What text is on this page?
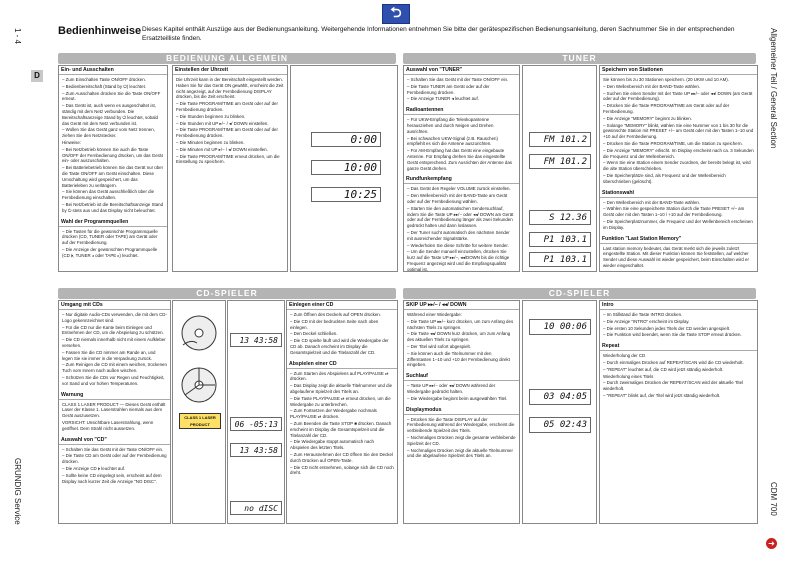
⮌
1 - 4
GRUNDIG Service
Allgemeiner Teil / General Section
CDM 700
Bedienhinweise Dieses Kapitel enthält Auszüge aus der Bedienungsanleitung. Weitergehende Informationen entnehmen Sie bitte der gerätespezifischen Bedienungsanleitung, deren Sachnummer Sie in der entsprechenden Ersatzteilliste finden.
D
BEDIENUNG ALLGEMEIN	TUNER
CD-SPIELER	CD-SPIELER
Ein- und Ausschalten

– Zum Einschalten Taste ON/OFF drücken.

– Bedienbereitschaft (Stand by ⏻) leuchtet.

– Zum Ausschalten drücken Sie die Taste ON/OFF erneut.

– Das Gerät ist, auch wenn es ausgeschaltet ist, ständig mit dem Netz verbunden. Die Bereitschaftsanzeige Stand by ⏻ leuchtet, sobald das Gerät mit dem Netz verbunden ist.

– Wollen Sie das Gerät ganz vom Netz trennen, ziehen Sie den Netzstecker.

Hinweise:

– Bei Netzbetrieb können Sie auch die Taste ON/OFF der Fernbedienung drücken, um das Gerät ein- oder auszuschalten.

– Bei Batteriebetrieb können Sie das Gerät nur über die Taste ON/OFF am Gerät einschalten. Diese Umschaltung wird gespeichert, um das Batterieleben zu verlängern.

– Sie können das Gerät ausschließlich über die Fernbedienung einschalten.

– Bei Netzbetrieb ist die Bereitschaftsanzeige Stand by ⏻ stets aus und das Display nicht beleuchtet.

Wahl der Programmquellen

– Die Tasten für die gewünschte Programmquelle drücken (CD, TUNER oder TAPE) am Gerät oder auf der Fernbedienung.

– Die Anzeige der gewünschten Programmquelle (CD ⏵, TUNER ◂ oder TAPE ▸) leuchtet.

Einstellen der Uhrzeit

Die Uhrzeit kann in der Bereitschaft eingestellt werden. Haben Sie für das Gerät ON gewählt, erscheint die Zeit nicht angezeigt, auf der Fernbedienung DISPLAY drücken, bis die Zeit erscheint.

– Die Taste PROGRAM/TIME am Gerät oder auf der Fernbedienung drücken.

– Die Stunden beginnen zu blinken.

– Die Stunden mit UP ▸/− / ◂/ DOWN einstellen.

– Die Taste PROGRAM/TIME am Gerät oder auf der Fernbedienung drücken.

– Die Minuten beginnen zu blinken.

– Die Minuten mit UP ▸/− / ◂/ DOWN einstellen.

– Die Taste PROGRAM/TIME erneut drücken, um die Einstellung zu speichern.

0:00
10:00
10:25
Auswahl von "TUNER"

– Schalten Sie das Gerät mit der Taste ON/OFF ein.

– Die Taste TUNER am Gerät oder auf der Fernbedienung drücken.

– Die Anzeige TUNER ◂ leuchtet auf.

Radioantennen

– Für UKW-Empfang die Teleskopantenne herausziehen und durch Neigen und Drehen ausrichten.

– Bei schwachen UKW-Signal (z.B. Rauschen) empfiehlt es sich die Antenne auszurichten.

– Für AM-Empfang hat das Gerät eine eingebaute Antenne. Für Empfang drehen Sie das eingestellte Gerät entsprechend. Zum Ausrichten der Antenne das ganze Gerät drehen.

Rundfunkempfang

– Das Gerät den Regeler VOLUME zurück einstellen.

– Den Wellenbereich mit der BAND-Taste am Gerät oder auf der Fernbedienung wählen.

– Starten Sie den automatischen Sendersuchlauf, indem Sie die Taste UP ▸▸/− oder ◂◂/ DOWN am Gerät oder auf der Fernbedienung länger als zwei Sekunden gedrückt halten und dann loslassen.

– Der Tuner sucht automatisch den nächsten Sender mit ausreichender Signalstärke.

– Wiederholen Sie diese Schritte für weitere Sender.

– Um die Sender manuell einzustellen, drücken Sie kurz auf die Taste UP ▸▸/−, ◂◂/DOWN bis die richtige Frequenz angezeigt wird und die Empfangsqualität optimal ist.

FM 101.2
FM 101.2
S 12.36
P1 103.1
P1 103.1
Speichern von Stationen

Sie können bis zu 30 Stationen speichern. (20 UKW und 10 AM).

– Den Wellenbereich mit der BAND-Taste wählen.

– Suchen Sie einen Sender mit der Taste UP ▸▸/− oder ◂◂/ DOWN (am Gerät oder auf der Fernbedienung).

– Drücken Sie die Taste PROGRAM/TIME am Gerät oder auf der Fernbedienung.

– Die Anzeige "MEMORY" beginnt zu blinken.

– Solange "MEMORY" blinkt, wählen Sie eine Nummer von 1 bis 30 für die gewünschte Station mit PRESET +/– am Gerät oder mit den Tasten 1–10 und +10 auf der Fernbedienung.

– Drücken Sie die Taste PROGRAM/TIME, um die Station zu speichern.

– Die Anzeige "MEMORY" erlischt. Im Display erscheint nach ca. 3 Sekunden die Frequenz und der Wellenbereich.

– Wenn Sie eine Station einem Sender zuordnen, der bereits belegt ist, wird die alte Station überschrieben.

– Die Speicherplätze sind, als Frequenz und der Wellenbereich überschrieben (gelöscht).

Stationswahl

– Den Wellenbereich mit der BAND-Taste wählen.

– Wählen Sie eine gespeicherte Station durch die Taste PRESET +/– am Gerät oder mit den Tasten 1–10 / +10 auf der Fernbedienung.

– Die Speicherplatznummer, die Frequenz und der Wellenbereich erscheinen im Display.

Funktion "Last Station Memory"

Last station memory bedeutet, das Gerät merkt sich die jeweils zuletzt eingestellte Station. Mit dieser Funktion können Sie feststellen, auf welcher Sender und diese Auswahl ist wieder gespeichert, beim Einschalten wird er wieder eingeschaltet.

Umgang mit CDs

– Nur digitale Audio-CDs verwenden, die mit dem CD-Logo gekennzeichnet sind.

– Für die CD nur die Kante beim Einlegen und Entnehmen der CD, um die Abspielung zu schützen.

– Die CD niemals innerhalb nicht mit einem Aufkleber versehen.

– Fassen Sie die CD nimmer am Rande an, und legen Sie sie immer in die Verpackung zurück.

– Zum Reinigen die CD mit einem weichen, trockenen Tuch vom Innern nach außen wischen.

– Schützen Sie die CDs vor Regen und Feuchtigkeit, vor Sand und vor hohen Temperaturen.

Warnung

CLASS 1 LASER PRODUCT — Dieses Gerät enthält Laser der Klasse 1. Laserstrahlen niemals aus dem Gerät auszusetzen.

VORSICHT: Unsichtbare Laserstrahlung, wenn geöffnet. Dem Strahl nicht aussetzen.

Auswahl von "CD"

– Schalten Sie das Gerät mit der Taste ON/OFF ein.

– Die Taste CD am Gerät oder auf der Fernbedienung drücken.

– Die Anzeige CD ⏵ leuchtet auf.

– Sollte keine CD eingelegt sein, erscheint auf dem Display nach kurzer Zeit die Anzeige "NO DISC".

CLASS 1 LASER PRODUCT
13 43:58
06 -05:13
13 43:58
no dISC
Einlegen einer CD

– Zum Öffnen des Deckels auf OPEN drücken.

– Die CD mit der bedruckten Seite nach oben einlegen.

– Den Deckel schließen.

– Die CD spielte läuft und wird die Wiedergabe der CD ab. Danach erscheint im Display die Gesamtspielzeit und die Titelanzahl der CD.

Abspielen einer CD

– Zum Starten des Abspielens auf PLAY/PAUSE ⏯ drücken.

– Das Display zeigt die aktuelle Titelnummer und die abgelaufene Spielzeit des Titels an.

– Die Taste PLAY/PAUSE ⏯ erneut drücken, um die Wiedergabe zu unterbrechen.

– Zum Fortsetzen der Wiedergabe nochmals PLAY/PAUSE ⏯ drücken.

– Zum Beenden die Taste STOP ■ drücken. Danach erscheint im Display die Gesamtspielzeit und die Titelanzahl der CD.

– Die Wiedergabe stoppt automatisch nach Abspielen des letzten Titels.

– Zum Herausnehmen der CD öffnen Sie den Deckel durch Drücken auf OPEN-Taste.

– Die CD nicht entnehmen, solange sich die CD noch dreht.

SKIP UP ▸▸/− / ◂◂/ DOWN

Während einer Wiedergabe:

– Die Taste UP ▸▸/− kurz drücken, um zum Anfang des nächsten Titels zu springen.

– Die Taste ◂◂/ DOWN kurz drücken, um zum Anfang des aktuellen Titels zu springen.

– Der Titel wird sofort abgespielt.

– Sie können auch die Titelnummer mit den Zifferntasten 1–10 und +10 der Fernbedienung direkt eingeben.

Suchlauf

– Taste UP ▸▸/− oder ◂◂/ DOWN während der Wiedergabe gedrückt halten.

– Die Wiedergabe beginnt beim ausgewählten Titel.

Displaymodus

– Drücken Sie die Taste DISPLAY auf der Fernbedienung während der Wiedergabe, erscheint die verbleibende Spielzeit des Titels.

– Nochmaliges Drücken zeigt die gesamte verbleibende Spielzeit der CD.

– Nochmaliges Drücken zeigt die aktuelle Titelnummer und die abgelaufene Spielzeit des Titels an.

10 00:06
03 04:05
05 02:43
Intro

– Im Stillstand die Taste INTRO drücken.

– Die Anzeige "INTRO" erscheint im Display.

– Die ersten 10 Sekunden jedes Titels der CD werden angespielt.

– Die Funktion wird beendet, wenn Sie die Taste STOP erneut drücken.

Repeat

Wiederholung der CD

– Durch einmaliges Drücken auf REPEAT/SCAN wird die CD wiederholt.

– "REPEAT" leuchtet auf, die CD wird jetzt ständig wiederholt.

Wiederholung eines Titels

– Durch zweimaliges Drücken der REPEAT/SCAN wird der aktuelle Titel wiederholt.

– "REPEAT" blinkt auf, der Titel wird jetzt ständig wiederholt.

➜
